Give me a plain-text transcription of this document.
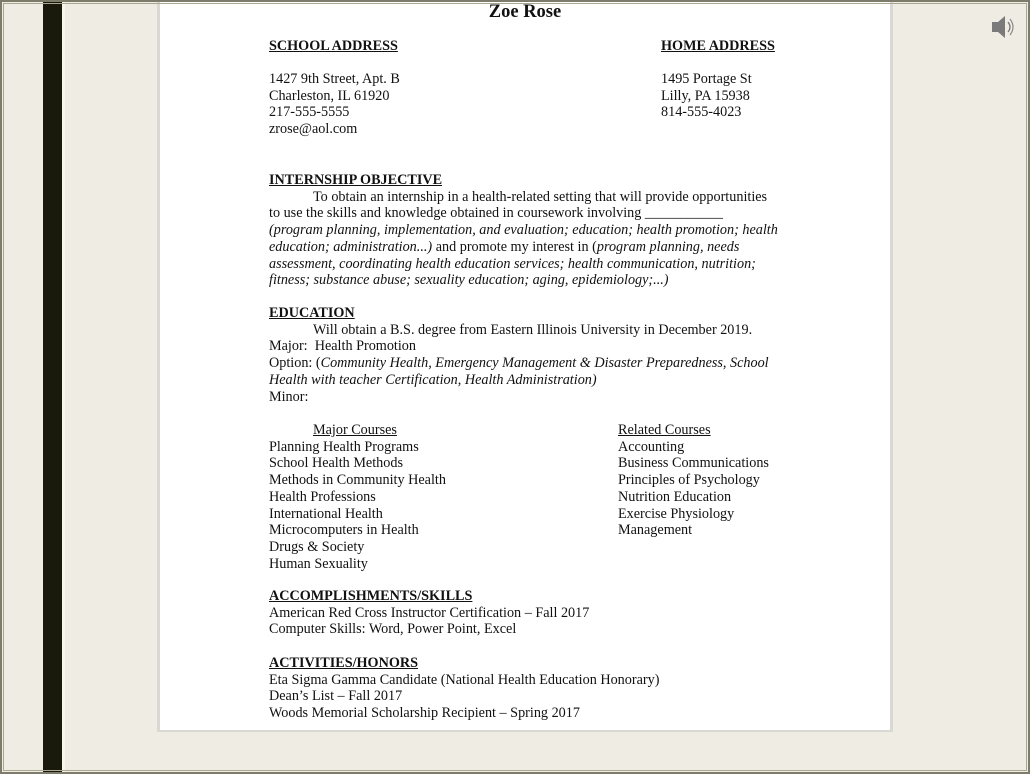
Zoe Rose
SCHOOL ADDRESS	HOME ADDRESS
1427 9th Street, Apt. B
Charleston, IL 61920
217-555-5555
zrose@aol.com
1495 Portage St
Lilly, PA 15938
814-555-4023
INTERNSHIP OBJECTIVE
To obtain an internship in a health-related setting that will provide opportunities
to use the skills and knowledge obtained in coursework involving ___________
(program planning, implementation, and evaluation; education; health promotion; health
education; administration...) and promote my interest in (program planning, needs
assessment, coordinating health education services; health communication, nutrition;
fitness; substance abuse; sexuality education; aging, epidemiology;...)
EDUCATION
Will obtain a B.S. degree from Eastern Illinois University in December 2019.
Major: Health Promotion
Option: (Community Health, Emergency Management & Disaster Preparedness, School
Health with teacher Certification, Health Administration)
Minor:
Major Courses
Planning Health Programs
School Health Methods
Methods in Community Health
Health Professions
International Health
Microcomputers in Health
Drugs & Society
Human Sexuality
Related Courses
Accounting
Business Communications
Principles of Psychology
Nutrition Education
Exercise Physiology
Management
ACCOMPLISHMENTS/SKILLS
American Red Cross Instructor Certification – Fall 2017
Computer Skills: Word, Power Point, Excel
ACTIVITIES/HONORS
Eta Sigma Gamma Candidate (National Health Education Honorary)
Dean’s List – Fall 2017
Woods Memorial Scholarship Recipient – Spring 2017
